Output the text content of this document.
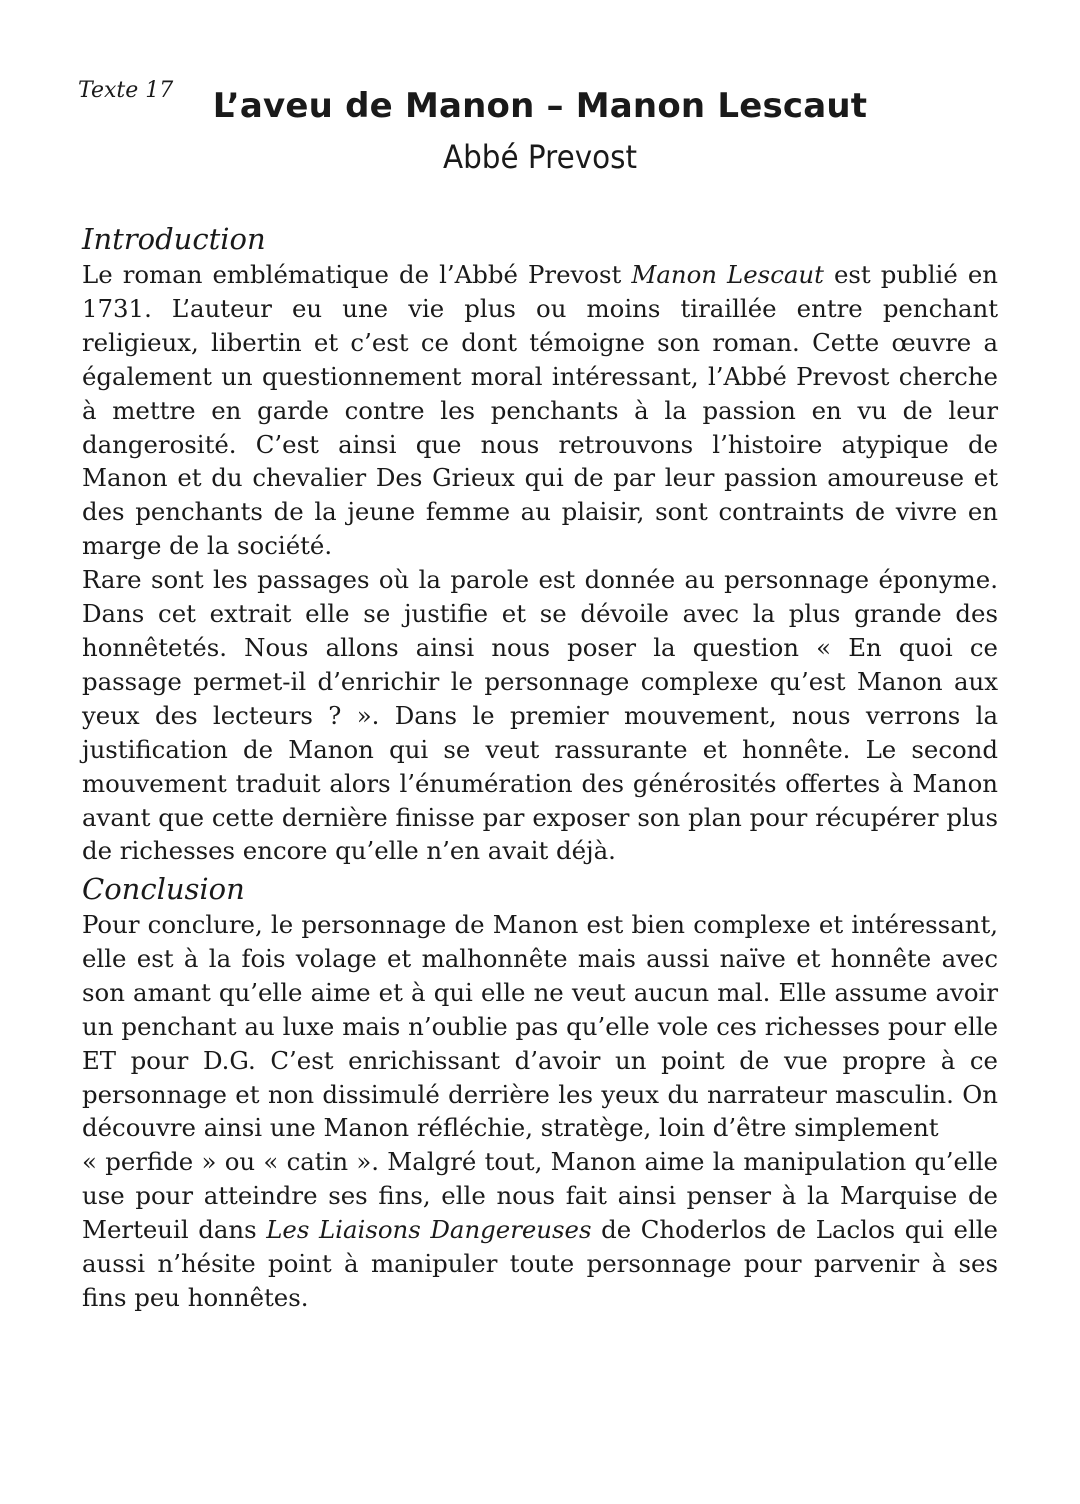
Texte 17	L’aveu de Manon – Manon Lescaut
Abbé Prevost
Introduction

Le roman emblématique de l’Abbé Prevost Manon Lescaut est publié en 1731. L’auteur eu une vie plus ou moins tiraillée entre penchant religieux, libertin et c’est ce dont témoigne son roman. Cette œuvre a également un questionnement moral intéressant, l’Abbé Prevost cherche à mettre en garde contre les penchants à la passion en vu de leur dangerosité. C’est ainsi que nous retrouvons l’histoire atypique de Manon et du chevalier Des Grieux qui de par leur passion amoureuse et des penchants de la jeune femme au plaisir, sont contraints de vivre en marge de la société.

Rare sont les passages où la parole est donnée au personnage éponyme. Dans cet extrait elle se justifie et se dévoile avec la plus grande des honnêtetés. Nous allons ainsi nous poser la question « En quoi ce passage permet-il d’enrichir le personnage complexe qu’est Manon aux yeux des lecteurs ? ». Dans le premier mouvement, nous verrons la justification de Manon qui se veut rassurante et honnête. Le second mouvement traduit alors l’énumération des générosités offertes à Manon avant que cette dernière finisse par exposer son plan pour récupérer plus de richesses encore qu’elle n’en avait déjà.

Conclusion

Pour conclure, le personnage de Manon est bien complexe et intéressant, elle est à la fois volage et malhonnête mais aussi naïve et honnête avec son amant qu’elle aime et à qui elle ne veut aucun mal. Elle assume avoir un penchant au luxe mais n’oublie pas qu’elle vole ces richesses pour elle ET pour D.G. C’est enrichissant d’avoir un point de vue propre à ce personnage et non dissimulé derrière les yeux du narrateur masculin. On découvre ainsi une Manon réfléchie, stratège, loin d’être simplement

« perfide » ou « catin ». Malgré tout, Manon aime la manipulation qu’elle use pour atteindre ses fins, elle nous fait ainsi penser à la Marquise de Merteuil dans Les Liaisons Dangereuses de Choderlos de Laclos qui elle aussi n’hésite point à manipuler toute personnage pour parvenir à ses fins peu honnêtes.
